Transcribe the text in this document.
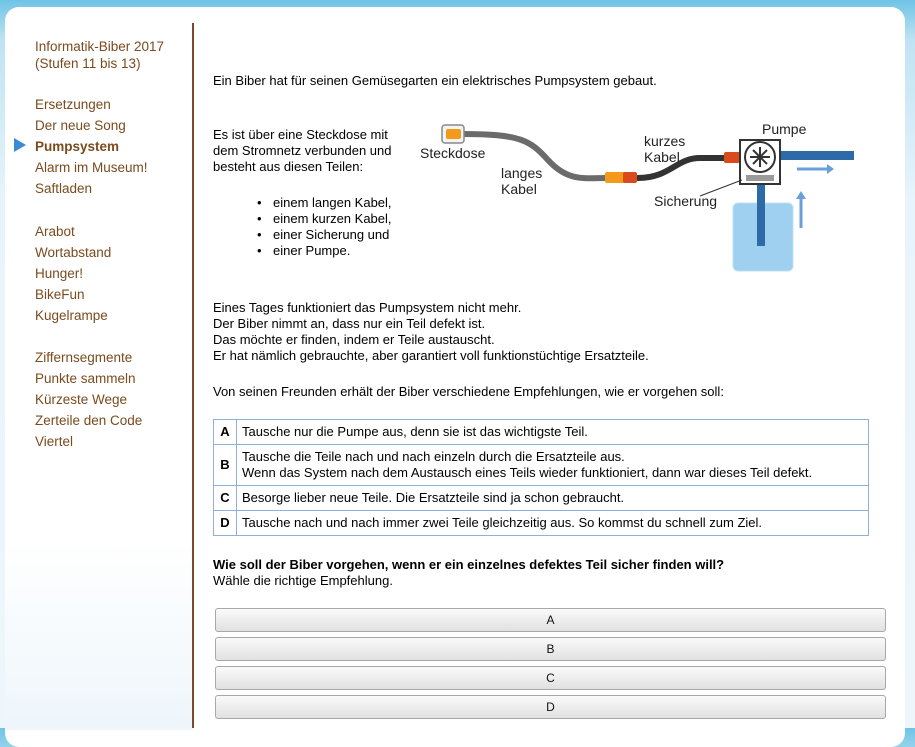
Informatik-Biber 2017
(Stufen 11 bis 13)
Ersetzungen
Der neue Song
Pumpsystem
Alarm im Museum!
Saftladen
Arabot
Wortabstand
Hunger!
BikeFun
Kugelrampe
Ziffernsegmente
Punkte sammeln
Kürzeste Wege
Zerteile den Code
Viertel
Ein Biber hat für seinen Gemüsegarten ein elektrisches Pumpsystem gebaut.
Es ist über eine Steckdose mit
dem Stromnetz verbunden und
besteht aus diesen Teilen:
• einem langen Kabel,
• einem kurzen Kabel,
• einer Sicherung und
• einer Pumpe.
Steckdose
langes
Kabel
kurzes
Kabel
Pumpe
Sicherung
Eines Tages funktioniert das Pumpsystem nicht mehr.
Der Biber nimmt an, dass nur ein Teil defekt ist.
Das möchte er finden, indem er Teile austauscht.
Er hat nämlich gebrauchte, aber garantiert voll funktionstüchtige Ersatzteile.
Von seinen Freunden erhält der Biber verschiedene Empfehlungen, wie er vorgehen soll:
A	Tausche nur die Pumpe aus, denn sie ist das wichtigste Teil.

B	Tausche die Teile nach und nach einzeln durch die Ersatzteile aus.
Wenn das System nach dem Austausch eines Teils wieder funktioniert, dann war dieses Teil defekt.

C	Besorge lieber neue Teile. Die Ersatzteile sind ja schon gebraucht.

D	Tausche nach und nach immer zwei Teile gleichzeitig aus. So kommst du schnell zum Ziel.
Wie soll der Biber vorgehen, wenn er ein einzelnes defektes Teil sicher finden will?
Wähle die richtige Empfehlung.
A
B
C
D
